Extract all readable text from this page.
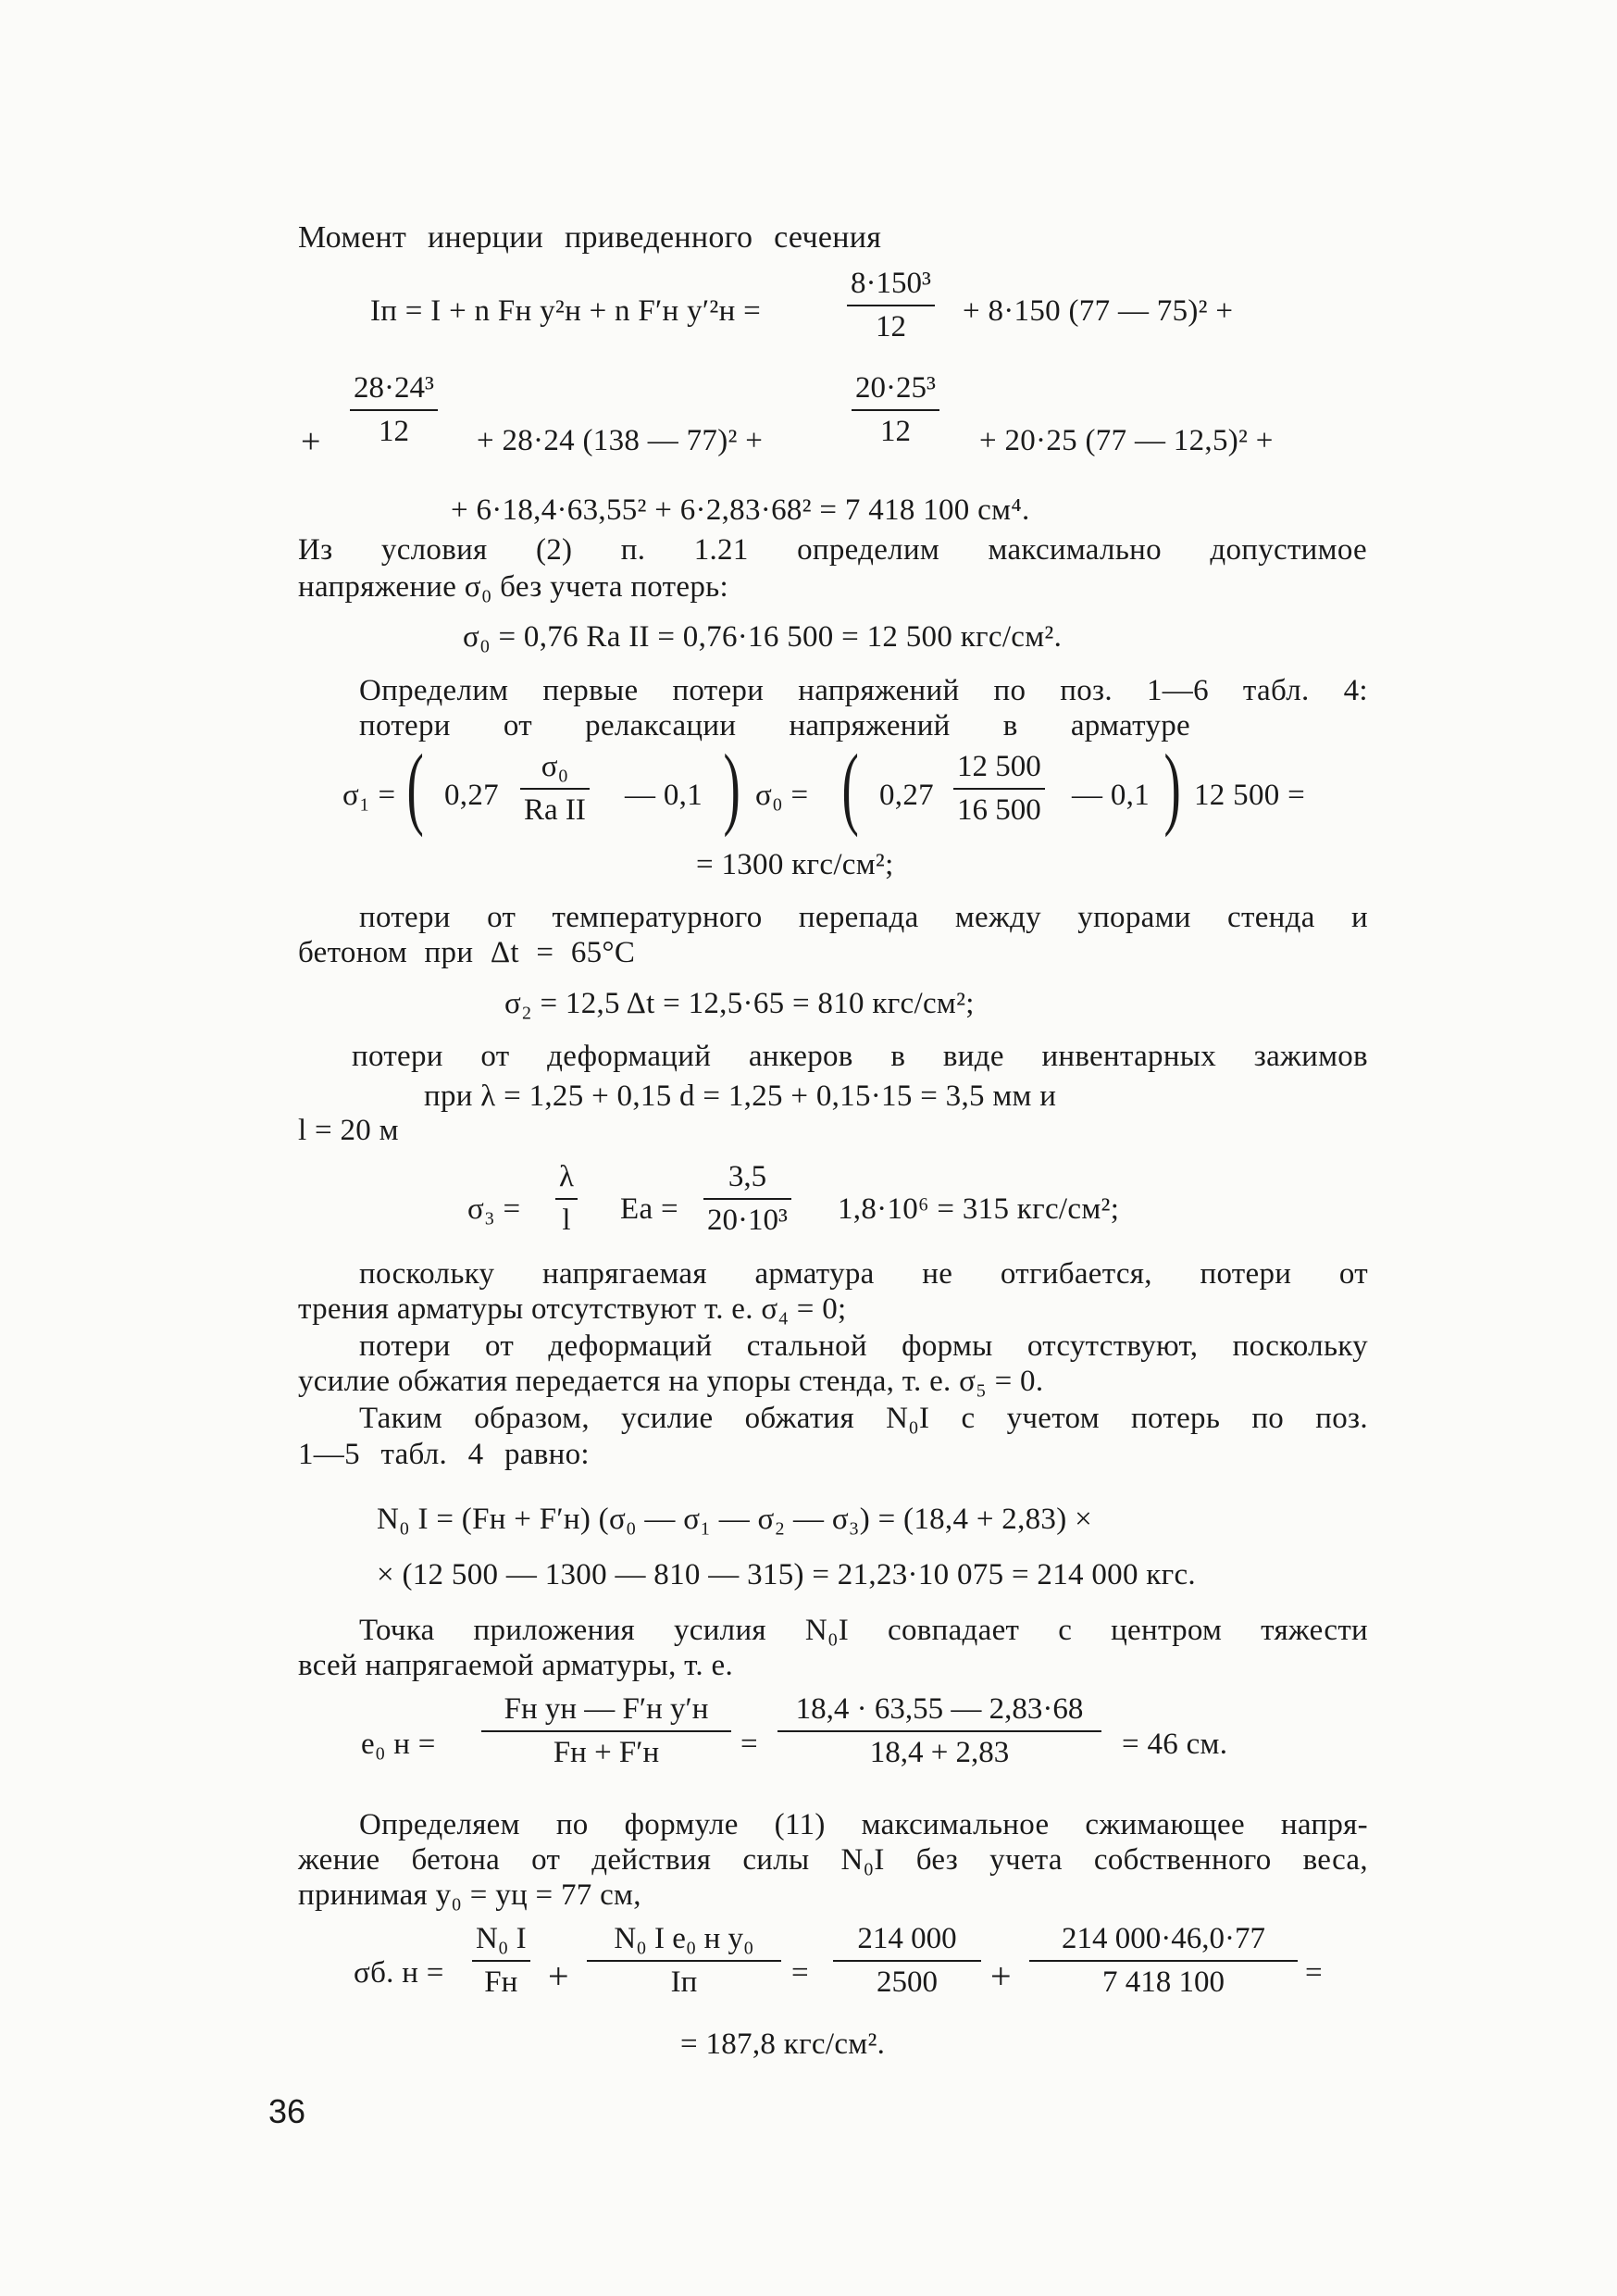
Момент инерции приведенного сечения
Iп = I + n Fн y²н + n F′н y′²н =
8·150³
12 + 8·150 (77 — 75)² +
+
28·24³
12 + 28·24 (138 — 77)² +
20·25³
12 + 20·25 (77 — 12,5)² +
+ 6·18,4·63,55² + 6·2,83·68² = 7 418 100 см⁴.
Из условия (2) п. 1.21 определим максимально допустимое
напряжение σ₀ без учета потерь:
σ₀ = 0,76 Rа II = 0,76·16 500 = 12 500 кгс/см².
Определим первые потери напряжений по поз. 1—6 табл. 4:
потери от релаксации напряжений в арматуре
σ₁ = ( 0,27
σ₀
Rа II — 0,1 ) σ₀ = ( 0,27
12 500
16 500 — 0,1 ) 12 500 =
= 1300 кгс/см²;
потери от температурного перепада между упорами стенда и
бетоном при Δt = 65°C
σ₂ = 12,5 Δt = 12,5·65 = 810 кгс/см²;
потери от деформаций анкеров в виде инвентарных зажимов
при λ = 1,25 + 0,15 d = 1,25 + 0,15·15 = 3,5 мм и
l = 20 м
σ₃ =
λ
l Eа =
3,5
20·10³ 1,8·10⁶ = 315 кгс/см²;
поскольку напрягаемая арматура не отгибается, потери от
трения арматуры отсутствуют т. е. σ₄ = 0;
потери от деформаций стальной формы отсутствуют, поскольку
усилие обжатия передается на упоры стенда, т. е. σ₅ = 0.
Таким образом, усилие обжатия N₀I с учетом потерь по поз.
1—5 табл. 4 равно:
N₀ I = (Fн + F′н) (σ₀ — σ₁ — σ₂ — σ₃) = (18,4 + 2,83) ×
× (12 500 — 1300 — 810 — 315) = 21,23·10 075 = 214 000 кгс.
Точка приложения усилия N₀I совпадает с центром тяжести
всей напрягаемой арматуры, т. е.
e₀ н =
Fн yн — F′н y′н
Fн + F′н	=
18,4 · 63,55 — 2,83·68
18,4 + 2,83	= 46 см.
Определяем по формуле (11) максимальное сжимающее напря-
жение бетона от действия силы N₀I без учета собственного веса,
принимая y₀ = yц = 77 см,
σб. н =
N₀ I
Fн +
N₀ I e₀ н y₀
Iп	=
214 000
2500 +
214 000·46,0·77
7 418 100	=
= 187,8 кгс/см².
36
